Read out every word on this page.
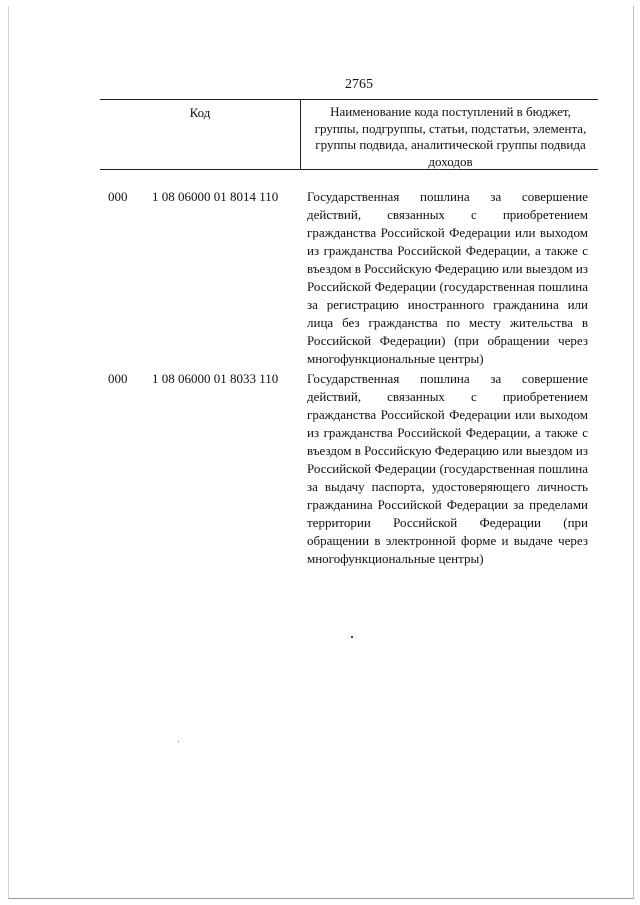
2765
Код	Наименование кода поступлений в бюджет, группы, подгруппы, статьи, подстатьи, элемента, группы подвида, аналитической группы подвида доходов
000	1 08 06000 01 8014 110	Государственная пошлина за совершение действий, связанных с приобретением гражданства Российской Федерации или выходом из гражданства Российской Федерации, а также с въездом в Российскую Федерацию или выездом из Российской Федерации (государственная пошлина за регистрацию иностранного гражданина или лица без гражданства по месту жительства в Российской Федерации) (при обращении через многофункциональные центры)
000	1 08 06000 01 8033 110	Государственная пошлина за совершение действий, связанных с приобретением гражданства Российской Федерации или выходом из гражданства Российской Федерации, а также с въездом в Российскую Федерацию или выездом из Российской Федерации (государственная пошлина за выдачу паспорта, удостоверяющего личность гражданина Российской Федерации за пределами территории Российской Федерации (при обращении в электронной форме и выдаче через многофункциональные центры)
